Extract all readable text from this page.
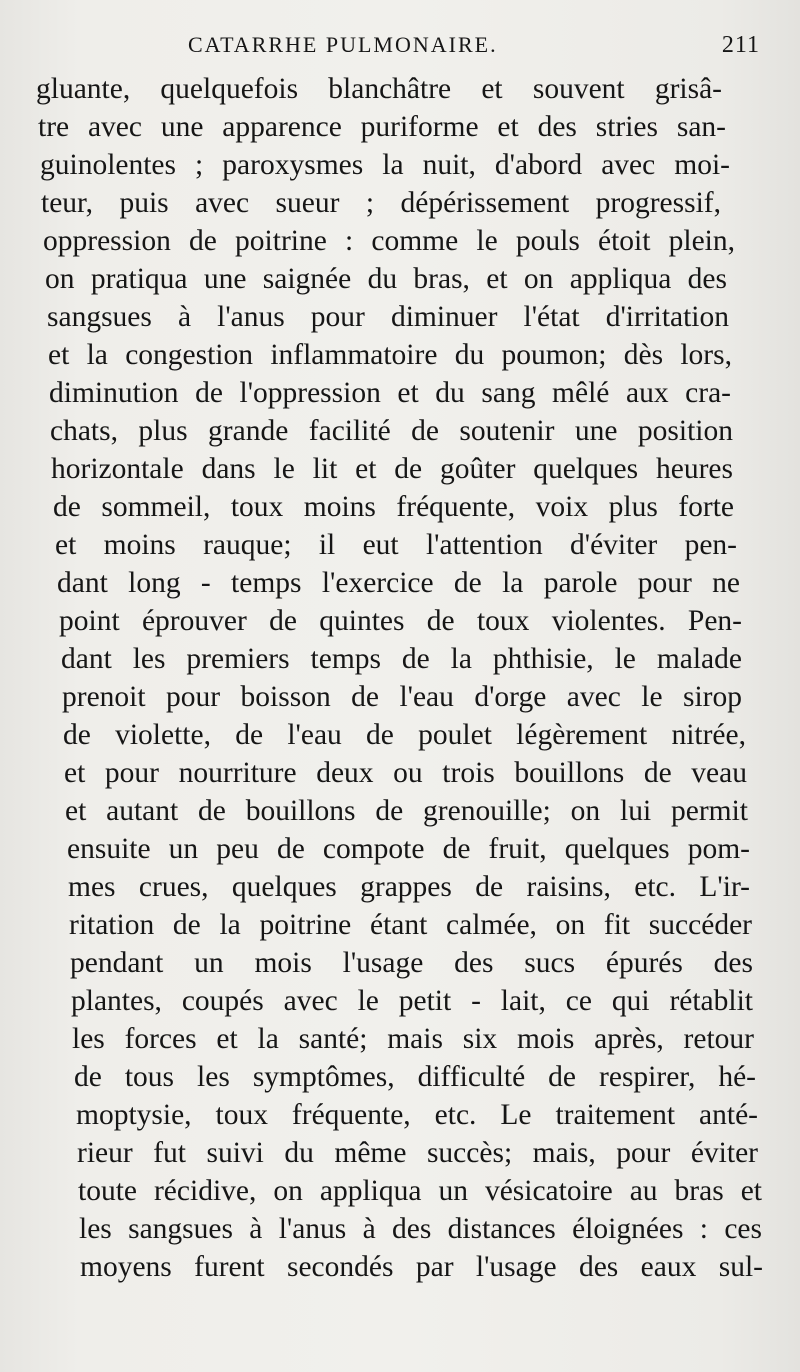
CATARRHE PULMONAIRE.	211
gluante, quelquefois blanchâtre et souvent grisâ-
tre avec une apparence puriforme et des stries san-
guinolentes ; paroxysmes la nuit, d'abord avec moi-
teur, puis avec sueur ; dépérissement progressif,
oppression de poitrine : comme le pouls étoit plein,
on pratiqua une saignée du bras, et on appliqua des
sangsues à l'anus pour diminuer l'état d'irritation
et la congestion inflammatoire du poumon; dès lors,
diminution de l'oppression et du sang mêlé aux cra-
chats, plus grande facilité de soutenir une position
horizontale dans le lit et de goûter quelques heures
de sommeil, toux moins fréquente, voix plus forte
et moins rauque; il eut l'attention d'éviter pen-
dant long - temps l'exercice de la parole pour ne
point éprouver de quintes de toux violentes. Pen-
dant les premiers temps de la phthisie, le malade
prenoit pour boisson de l'eau d'orge avec le sirop
de violette, de l'eau de poulet légèrement nitrée,
et pour nourriture deux ou trois bouillons de veau
et autant de bouillons de grenouille; on lui permit
ensuite un peu de compote de fruit, quelques pom-
mes crues, quelques grappes de raisins, etc. L'ir-
ritation de la poitrine étant calmée, on fit succéder
pendant un mois l'usage des sucs épurés des
plantes, coupés avec le petit - lait, ce qui rétablit
les forces et la santé; mais six mois après, retour
de tous les symptômes, difficulté de respirer, hé-
moptysie, toux fréquente, etc. Le traitement anté-
rieur fut suivi du même succès; mais, pour éviter
toute récidive, on appliqua un vésicatoire au bras et
les sangsues à l'anus à des distances éloignées : ces
moyens furent secondés par l'usage des eaux sul-
